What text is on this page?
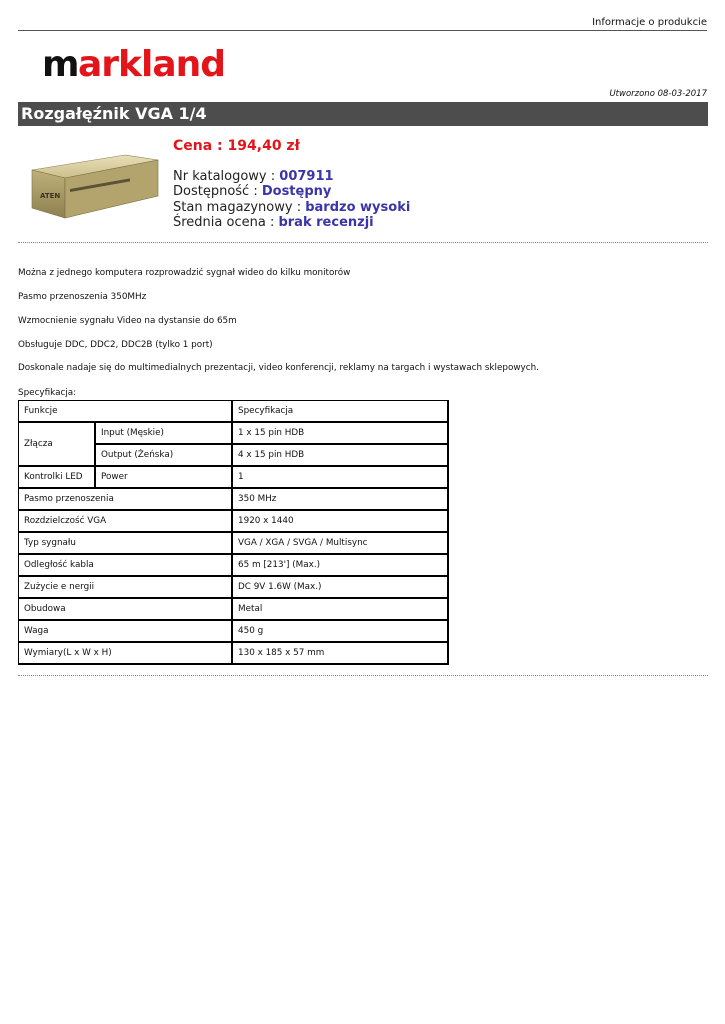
Informacje o produkcie
m arkland
Utworzono 08-03-2017
Rozgałęźnik VGA 1/4
ATEN
Cena : 194,40 zł
Nr katalogowy : 007911
Dostępność : Dostępny
Stan magazynowy : bardzo wysoki
Średnia ocena : brak recenzji
Można z jednego komputera rozprowadzić sygnał wideo do kilku monitorów
Pasmo przenoszenia 350MHz
Wzmocnienie sygnału Video na dystansie do 65m
Obsługuje DDC, DDC2, DDC2B (tylko 1 port)
Doskonale nadaje się do multimedialnych prezentacji, video konferencji, reklamy na targach i wystawach sklepowych.
Specyfikacja:
Funkcje		Specyfikacja
Złącza	Input (Męskie)	1 x 15 pin HDB
	Output (Żeńska)	4 x 15 pin HDB
Kontrolki LED	Power	1
Pasmo przenoszenia		350 MHz
Rozdzielczość VGA		1920 x 1440
Typ sygnału		VGA / XGA / SVGA / Multisync
Odległość kabla		65 m [213'] (Max.)
Zużycie e nergii		DC 9V 1.6W (Max.)
Obudowa		Metal
Waga		450 g
Wymiary(L x W x H)		130 x 185 x 57 mm
